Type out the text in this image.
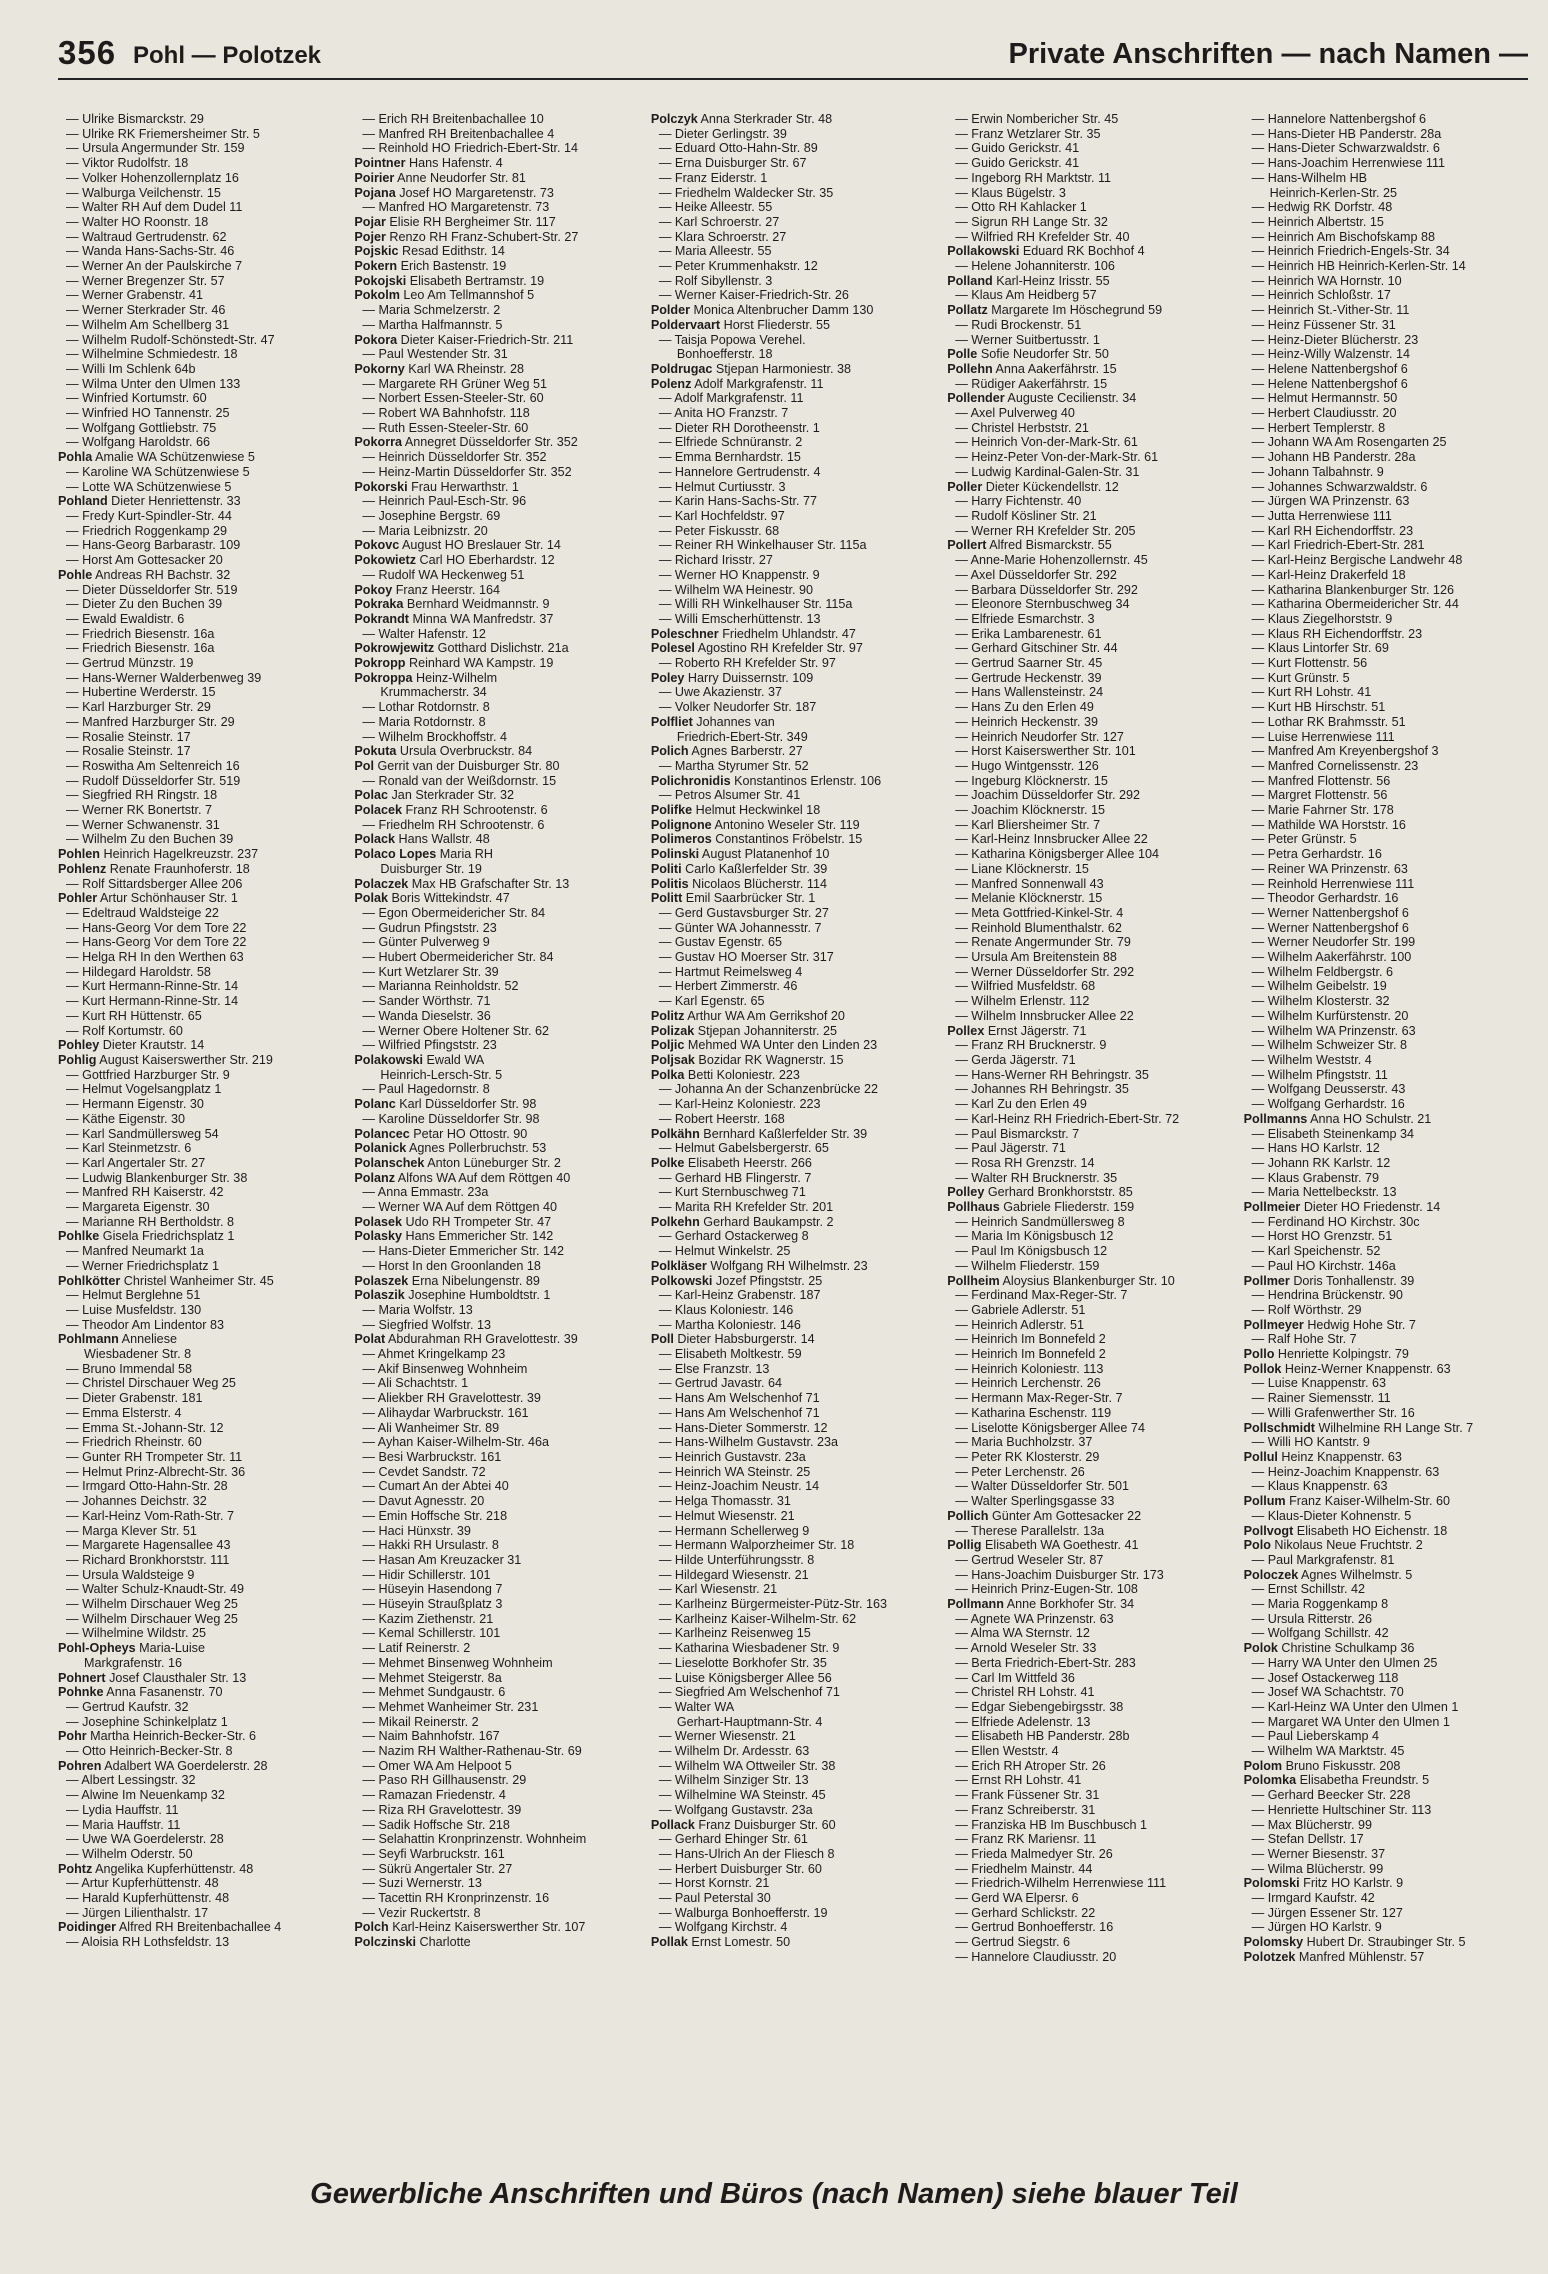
356 Pohl — Polotzek	Private Anschriften — nach Namen —
— Ulrike Bismarckstr. 29
— Ulrike RK Friemersheimer Str. 5
— Ursula Angermunder Str. 159
— Viktor Rudolfstr. 18
— Volker Hohenzollernplatz 16
— Walburga Veilchenstr. 15
— Walter RH Auf dem Dudel 11
— Walter HO Roonstr. 18
— Waltraud Gertrudenstr. 62
— Wanda Hans-Sachs-Str. 46
— Werner An der Paulskirche 7
— Werner Bregenzer Str. 57
— Werner Grabenstr. 41
— Werner Sterkrader Str. 46
— Wilhelm Am Schellberg 31
— Wilhelm Rudolf-Schönstedt-Str. 47
— Wilhelmine Schmiedestr. 18
— Willi Im Schlenk 64b
— Wilma Unter den Ulmen 133
— Winfried Kortumstr. 60
— Winfried HO Tannenstr. 25
— Wolfgang Gottliebstr. 75
— Wolfgang Haroldstr. 66
Pohla Amalie WA Schützenwiese 5
— Karoline WA Schützenwiese 5
— Lotte WA Schützenwiese 5
Pohland Dieter Henriettenstr. 33
— Fredy Kurt-Spindler-Str. 44
— Friedrich Roggenkamp 29
— Hans-Georg Barbarastr. 109
— Horst Am Gottesacker 20
Pohle Andreas RH Bachstr. 32
— Dieter Düsseldorfer Str. 519
— Dieter Zu den Buchen 39
— Ewald Ewaldistr. 6
— Friedrich Biesenstr. 16a
— Friedrich Biesenstr. 16a
— Gertrud Münzstr. 19
— Hans-Werner Walderbenweg 39
— Hubertine Werderstr. 15
— Karl Harzburger Str. 29
— Manfred Harzburger Str. 29
— Rosalie Steinstr. 17
— Rosalie Steinstr. 17
— Roswitha Am Seltenreich 16
— Rudolf Düsseldorfer Str. 519
— Siegfried RH Ringstr. 18
— Werner RK Bonertstr. 7
— Werner Schwanenstr. 31
— Wilhelm Zu den Buchen 39
Pohlen Heinrich Hagelkreuzstr. 237
Pohlenz Renate Fraunhoferstr. 18
— Rolf Sittardsberger Allee 206
Pohler Artur Schönhauser Str. 1
— Edeltraud Waldsteige 22
— Hans-Georg Vor dem Tore 22
— Hans-Georg Vor dem Tore 22
— Helga RH In den Werthen 63
— Hildegard Haroldstr. 58
— Kurt Hermann-Rinne-Str. 14
— Kurt Hermann-Rinne-Str. 14
— Kurt RH Hüttenstr. 65
— Rolf Kortumstr. 60
Pohley Dieter Krautstr. 14
Pohlig August Kaiserswerther Str. 219
— Gottfried Harzburger Str. 9
— Helmut Vogelsangplatz 1
— Hermann Eigenstr. 30
— Käthe Eigenstr. 30
— Karl Sandmüllersweg 54
— Karl Steinmetzstr. 6
— Karl Angertaler Str. 27
— Ludwig Blankenburger Str. 38
— Manfred RH Kaiserstr. 42
— Margareta Eigenstr. 30
— Marianne RH Bertholdstr. 8
Pohlke Gisela Friedrichsplatz 1
— Manfred Neumarkt 1a
— Werner Friedrichsplatz 1
Pohlkötter Christel Wanheimer Str. 45
— Helmut Berglehne 51
— Luise Musfeldstr. 130
— Theodor Am Lindentor 83
Pohlmann Anneliese
Wiesbadener Str. 8
— Bruno Immendal 58
— Christel Dirschauer Weg 25
— Dieter Grabenstr. 181
— Emma Elsterstr. 4
— Emma St.-Johann-Str. 12
— Friedrich Rheinstr. 60
— Gunter RH Trompeter Str. 11
— Helmut Prinz-Albrecht-Str. 36
— Irmgard Otto-Hahn-Str. 28
— Johannes Deichstr. 32
— Karl-Heinz Vom-Rath-Str. 7
— Marga Klever Str. 51
— Margarete Hagensallee 43
— Richard Bronkhorststr. 111
— Ursula Waldsteige 9
— Walter Schulz-Knaudt-Str. 49
— Wilhelm Dirschauer Weg 25
— Wilhelm Dirschauer Weg 25
— Wilhelmine Wildstr. 25
Pohl-Opheys Maria-Luise
Markgrafenstr. 16
Pohnert Josef Clausthaler Str. 13
Pohnke Anna Fasanenstr. 70
— Gertrud Kaufstr. 32
— Josephine Schinkelplatz 1
Pohr Martha Heinrich-Becker-Str. 6
— Otto Heinrich-Becker-Str. 8
Pohren Adalbert WA Goerdelerstr. 28
— Albert Lessingstr. 32
— Alwine Im Neuenkamp 32
— Lydia Hauffstr. 11
— Maria Hauffstr. 11
— Uwe WA Goerdelerstr. 28
— Wilhelm Oderstr. 50
Pohtz Angelika Kupferhüttenstr. 48
— Artur Kupferhüttenstr. 48
— Harald Kupferhüttenstr. 48
— Jürgen Lilienthalstr. 17
Poidinger Alfred RH Breitenbachallee 4
— Aloisia RH Lothsfeldstr. 13
— Erich RH Breitenbachallee 10
— Manfred RH Breitenbachallee 4
— Reinhold HO Friedrich-Ebert-Str. 14
Pointner Hans Hafenstr. 4
Poirier Anne Neudorfer Str. 81
Pojana Josef HO Margaretenstr. 73
— Manfred HO Margaretenstr. 73
Pojar Elisie RH Bergheimer Str. 117
Pojer Renzo RH Franz-Schubert-Str. 27
Pojskic Resad Edithstr. 14
Pokern Erich Bastenstr. 19
Pokojski Elisabeth Bertramstr. 19
Pokolm Leo Am Tellmannshof 5
— Maria Schmelzerstr. 2
— Martha Halfmannstr. 5
Pokora Dieter Kaiser-Friedrich-Str. 211
— Paul Westender Str. 31
Pokorny Karl WA Rheinstr. 28
— Margarete RH Grüner Weg 51
— Norbert Essen-Steeler-Str. 60
— Robert WA Bahnhofstr. 118
— Ruth Essen-Steeler-Str. 60
Pokorra Annegret Düsseldorfer Str. 352
— Heinrich Düsseldorfer Str. 352
— Heinz-Martin Düsseldorfer Str. 352
Pokorski Frau Herwarthstr. 1
— Heinrich Paul-Esch-Str. 96
— Josephine Bergstr. 69
— Maria Leibnizstr. 20
Pokovc August HO Breslauer Str. 14
Pokowietz Carl HO Eberhardstr. 12
— Rudolf WA Heckenweg 51
Pokoy Franz Heerstr. 164
Pokraka Bernhard Weidmannstr. 9
Pokrandt Minna WA Manfredstr. 37
— Walter Hafenstr. 12
Pokrowjewitz Gotthard Dislichstr. 21a
Pokropp Reinhard WA Kampstr. 19
Pokroppa Heinz-Wilhelm
Krummacherstr. 34
— Lothar Rotdornstr. 8
— Maria Rotdornstr. 8
— Wilhelm Brockhoffstr. 4
Pokuta Ursula Overbruckstr. 84
Pol Gerrit van der Duisburger Str. 80
— Ronald van der Weißdornstr. 15
Polac Jan Sterkrader Str. 32
Polacek Franz RH Schrootenstr. 6
— Friedhelm RH Schrootenstr. 6
Polack Hans Wallstr. 48
Polaco Lopes Maria RH
Duisburger Str. 19
Polaczek Max HB Grafschafter Str. 13
Polak Boris Wittekindstr. 47
— Egon Obermeidericher Str. 84
— Gudrun Pfingststr. 23
— Günter Pulverweg 9
— Hubert Obermeidericher Str. 84
— Kurt Wetzlarer Str. 39
— Marianna Reinholdstr. 52
— Sander Wörthstr. 71
— Wanda Dieselstr. 36
— Werner Obere Holtener Str. 62
— Wilfried Pfingststr. 23
Polakowski Ewald WA
Heinrich-Lersch-Str. 5
— Paul Hagedornstr. 8
Polanc Karl Düsseldorfer Str. 98
— Karoline Düsseldorfer Str. 98
Polancec Petar HO Ottostr. 90
Polanick Agnes Pollerbruchstr. 53
Polanschek Anton Lüneburger Str. 2
Polanz Alfons WA Auf dem Röttgen 40
— Anna Emmastr. 23a
— Werner WA Auf dem Röttgen 40
Polasek Udo RH Trompeter Str. 47
Polasky Hans Emmericher Str. 142
— Hans-Dieter Emmericher Str. 142
— Horst In den Groonlanden 18
Polaszek Erna Nibelungenstr. 89
Polaszik Josephine Humboldtstr. 1
— Maria Wolfstr. 13
— Siegfried Wolfstr. 13
Polat Abdurahman RH Gravelottestr. 39
— Ahmet Kringelkamp 23
— Akif Binsenweg Wohnheim
— Ali Schachtstr. 1
— Aliekber RH Gravelottestr. 39
— Alihaydar Warbruckstr. 161
— Ali Wanheimer Str. 89
— Ayhan Kaiser-Wilhelm-Str. 46a
— Besi Warbruckstr. 161
— Cevdet Sandstr. 72
— Cumart An der Abtei 40
— Davut Agnesstr. 20
— Emin Hoffsche Str. 218
— Haci Hünxstr. 39
— Hakki RH Ursulastr. 8
— Hasan Am Kreuzacker 31
— Hidir Schillerstr. 101
— Hüseyin Hasendong 7
— Hüseyin Straußplatz 3
— Kazim Ziethenstr. 21
— Kemal Schillerstr. 101
— Latif Reinerstr. 2
— Mehmet Binsenweg Wohnheim
— Mehmet Steigerstr. 8a
— Mehmet Sundgaustr. 6
— Mehmet Wanheimer Str. 231
— Mikail Reinerstr. 2
— Naim Bahnhofstr. 167
— Nazim RH Walther-Rathenau-Str. 69
— Omer WA Am Helpoot 5
— Paso RH Gillhausenstr. 29
— Ramazan Friedenstr. 4
— Riza RH Gravelottestr. 39
— Sadik Hoffsche Str. 218
— Selahattin Kronprinzenstr. Wohnheim
— Seyfi Warbruckstr. 161
— Sükrü Angertaler Str. 27
— Suzi Wernerstr. 13
— Tacettin RH Kronprinzenstr. 16
— Vezir Ruckertstr. 8
Polch Karl-Heinz Kaiserswerther Str. 107
Polczinski Charlotte
Polczyk Anna Sterkrader Str. 48
— Dieter Gerlingstr. 39
— Eduard Otto-Hahn-Str. 89
— Erna Duisburger Str. 67
— Franz Eiderstr. 1
— Friedhelm Waldecker Str. 35
— Heike Alleestr. 55
— Karl Schroerstr. 27
— Klara Schroerstr. 27
— Maria Alleestr. 55
— Peter Krummenhakstr. 12
— Rolf Sibyllenstr. 3
— Werner Kaiser-Friedrich-Str. 26
Polder Monica Altenbrucher Damm 130
Poldervaart Horst Fliederstr. 55
— Taisja Popowa Verehel.
Bonhoefferstr. 18
Poldrugac Stjepan Harmoniestr. 38
Polenz Adolf Markgrafenstr. 11
— Adolf Markgrafenstr. 11
— Anita HO Franzstr. 7
— Dieter RH Dorotheenstr. 1
— Elfriede Schnüranstr. 2
— Emma Bernhardstr. 15
— Hannelore Gertrudenstr. 4
— Helmut Curtiusstr. 3
— Karin Hans-Sachs-Str. 77
— Karl Hochfeldstr. 97
— Peter Fiskusstr. 68
— Reiner RH Winkelhauser Str. 115a
— Richard Irisstr. 27
— Werner HO Knappenstr. 9
— Wilhelm WA Heinestr. 90
— Willi RH Winkelhauser Str. 115a
— Willi Emscherhüttenstr. 13
Poleschner Friedhelm Uhlandstr. 47
Polesel Agostino RH Krefelder Str. 97
— Roberto RH Krefelder Str. 97
Poley Harry Duissernstr. 109
— Uwe Akazienstr. 37
— Volker Neudorfer Str. 187
Polfliet Johannes van
Friedrich-Ebert-Str. 349
Polich Agnes Barberstr. 27
— Martha Styrumer Str. 52
Polichronidis Konstantinos Erlenstr. 106
— Petros Alsumer Str. 41
Polifke Helmut Heckwinkel 18
Polignone Antonino Weseler Str. 119
Polimeros Constantinos Fröbelstr. 15
Polinski August Platanenhof 10
Politi Carlo Kaßlerfelder Str. 39
Politis Nicolaos Blücherstr. 114
Politt Emil Saarbrücker Str. 1
— Gerd Gustavsburger Str. 27
— Günter WA Johannesstr. 7
— Gustav Egenstr. 65
— Gustav HO Moerser Str. 317
— Hartmut Reimelsweg 4
— Herbert Zimmerstr. 46
— Karl Egenstr. 65
Politz Arthur WA Am Gerrikshof 20
Polizak Stjepan Johanniterstr. 25
Poljic Mehmed WA Unter den Linden 23
Poljsak Bozidar RK Wagnerstr. 15
Polka Betti Koloniestr. 223
— Johanna An der Schanzenbrücke 22
— Karl-Heinz Koloniestr. 223
— Robert Heerstr. 168
Polkähn Bernhard Kaßlerfelder Str. 39
— Helmut Gabelsbergerstr. 65
Polke Elisabeth Heerstr. 266
— Gerhard HB Flingerstr. 7
— Kurt Sternbuschweg 71
— Marita RH Krefelder Str. 201
Polkehn Gerhard Baukampstr. 2
— Gerhard Ostackerweg 8
— Helmut Winkelstr. 25
Polkläser Wolfgang RH Wilhelmstr. 23
Polkowski Jozef Pfingststr. 25
— Karl-Heinz Grabenstr. 187
— Klaus Koloniestr. 146
— Martha Koloniestr. 146
Poll Dieter Habsburgerstr. 14
— Elisabeth Moltkestr. 59
— Else Franzstr. 13
— Gertrud Javastr. 64
— Hans Am Welschenhof 71
— Hans Am Welschenhof 71
— Hans-Dieter Sommerstr. 12
— Hans-Wilhelm Gustavstr. 23a
— Heinrich Gustavstr. 23a
— Heinrich WA Steinstr. 25
— Heinz-Joachim Neustr. 14
— Helga Thomasstr. 31
— Helmut Wiesenstr. 21
— Hermann Schellerweg 9
— Hermann Walporzheimer Str. 18
— Hilde Unterführungsstr. 8
— Hildegard Wiesenstr. 21
— Karl Wiesenstr. 21
— Karlheinz Bürgermeister-Pütz-Str. 163
— Karlheinz Kaiser-Wilhelm-Str. 62
— Karlheinz Reisenweg 15
— Katharina Wiesbadener Str. 9
— Lieselotte Borkhofer Str. 35
— Luise Königsberger Allee 56
— Siegfried Am Welschenhof 71
— Walter WA
Gerhart-Hauptmann-Str. 4
— Werner Wiesenstr. 21
— Wilhelm Dr. Ardesstr. 63
— Wilhelm WA Ottweiler Str. 38
— Wilhelm Sinziger Str. 13
— Wilhelmine WA Steinstr. 45
— Wolfgang Gustavstr. 23a
Pollack Franz Duisburger Str. 60
— Gerhard Ehinger Str. 61
— Hans-Ulrich An der Fliesch 8
— Herbert Duisburger Str. 60
— Horst Kornstr. 21
— Paul Peterstal 30
— Walburga Bonhoefferstr. 19
— Wolfgang Kirchstr. 4
Pollak Ernst Lomestr. 50
— Erwin Nombericher Str. 45
— Franz Wetzlarer Str. 35
— Guido Gerickstr. 41
— Guido Gerickstr. 41
— Ingeborg RH Marktstr. 11
— Klaus Bügelstr. 3
— Otto RH Kahlacker 1
— Sigrun RH Lange Str. 32
— Wilfried RH Krefelder Str. 40
Pollakowski Eduard RK Bochhof 4
— Helene Johanniterstr. 106
Polland Karl-Heinz Irisstr. 55
— Klaus Am Heidberg 57
Pollatz Margarete Im Höschegrund 59
— Rudi Brockenstr. 51
— Werner Suitbertusstr. 1
Polle Sofie Neudorfer Str. 50
Pollehn Anna Aakerfährstr. 15
— Rüdiger Aakerfährstr. 15
Pollender Auguste Cecilienstr. 34
— Axel Pulverweg 40
— Christel Herbststr. 21
— Heinrich Von-der-Mark-Str. 61
— Heinz-Peter Von-der-Mark-Str. 61
— Ludwig Kardinal-Galen-Str. 31
Poller Dieter Kückendellstr. 12
— Harry Fichtenstr. 40
— Rudolf Kösliner Str. 21
— Werner RH Krefelder Str. 205
Pollert Alfred Bismarckstr. 55
— Anne-Marie Hohenzollernstr. 45
— Axel Düsseldorfer Str. 292
— Barbara Düsseldorfer Str. 292
— Eleonore Sternbuschweg 34
— Elfriede Esmarchstr. 3
— Erika Lambarenestr. 61
— Gerhard Gitschiner Str. 44
— Gertrud Saarner Str. 45
— Gertrude Heckenstr. 39
— Hans Wallensteinstr. 24
— Hans Zu den Erlen 49
— Heinrich Heckenstr. 39
— Heinrich Neudorfer Str. 127
— Horst Kaiserswerther Str. 101
— Hugo Wintgensstr. 126
— Ingeburg Klöcknerstr. 15
— Joachim Düsseldorfer Str. 292
— Joachim Klöcknerstr. 15
— Karl Bliersheimer Str. 7
— Karl-Heinz Innsbrucker Allee 22
— Katharina Königsberger Allee 104
— Liane Klöcknerstr. 15
— Manfred Sonnenwall 43
— Melanie Klöcknerstr. 15
— Meta Gottfried-Kinkel-Str. 4
— Reinhold Blumenthalstr. 62
— Renate Angermunder Str. 79
— Ursula Am Breitenstein 88
— Werner Düsseldorfer Str. 292
— Wilfried Musfeldstr. 68
— Wilhelm Erlenstr. 112
— Wilhelm Innsbrucker Allee 22
Pollex Ernst Jägerstr. 71
— Franz RH Brucknerstr. 9
— Gerda Jägerstr. 71
— Hans-Werner RH Behringstr. 35
— Johannes RH Behringstr. 35
— Karl Zu den Erlen 49
— Karl-Heinz RH Friedrich-Ebert-Str. 72
— Paul Bismarckstr. 7
— Paul Jägerstr. 71
— Rosa RH Grenzstr. 14
— Walter RH Brucknerstr. 35
Polley Gerhard Bronkhorststr. 85
Pollhaus Gabriele Fliederstr. 159
— Heinrich Sandmüllersweg 8
— Maria Im Königsbusch 12
— Paul Im Königsbusch 12
— Wilhelm Fliederstr. 159
Pollheim Aloysius Blankenburger Str. 10
— Ferdinand Max-Reger-Str. 7
— Gabriele Adlerstr. 51
— Heinrich Adlerstr. 51
— Heinrich Im Bonnefeld 2
— Heinrich Im Bonnefeld 2
— Heinrich Koloniestr. 113
— Heinrich Lerchenstr. 26
— Hermann Max-Reger-Str. 7
— Katharina Eschenstr. 119
— Liselotte Königsberger Allee 74
— Maria Buchholzstr. 37
— Peter RK Klosterstr. 29
— Peter Lerchenstr. 26
— Walter Düsseldorfer Str. 501
— Walter Sperlingsgasse 33
Pollich Günter Am Gottesacker 22
— Therese Parallelstr. 13a
Pollig Elisabeth WA Goethestr. 41
— Gertrud Weseler Str. 87
— Hans-Joachim Duisburger Str. 173
— Heinrich Prinz-Eugen-Str. 108
Pollmann Anne Borkhofer Str. 34
— Agnete WA Prinzenstr. 63
— Alma WA Sternstr. 12
— Arnold Weseler Str. 33
— Berta Friedrich-Ebert-Str. 283
— Carl Im Wittfeld 36
— Christel RH Lohstr. 41
— Edgar Siebengebirgsstr. 38
— Elfriede Adelenstr. 13
— Elisabeth HB Panderstr. 28b
— Ellen Weststr. 4
— Erich RH Atroper Str. 26
— Ernst RH Lohstr. 41
— Frank Füssener Str. 31
— Franz Schreiberstr. 31
— Franziska HB Im Buschbusch 1
— Franz RK Mariensr. 11
— Frieda Malmedyer Str. 26
— Friedhelm Mainstr. 44
— Friedrich-Wilhelm Herrenwiese 111
— Gerd WA Elpersr. 6
— Gerhard Schlickstr. 22
— Gertrud Bonhoefferstr. 16
— Gertrud Siegstr. 6
— Hannelore Claudiusstr. 20
— Hannelore Nattenbergshof 6
— Hans-Dieter HB Panderstr. 28a
— Hans-Dieter Schwarzwaldstr. 6
— Hans-Joachim Herrenwiese 111
— Hans-Wilhelm HB
Heinrich-Kerlen-Str. 25
— Hedwig RK Dorfstr. 48
— Heinrich Albertstr. 15
— Heinrich Am Bischofskamp 88
— Heinrich Friedrich-Engels-Str. 34
— Heinrich HB Heinrich-Kerlen-Str. 14
— Heinrich WA Hornstr. 10
— Heinrich Schloßstr. 17
— Heinrich St.-Vither-Str. 11
— Heinz Füssener Str. 31
— Heinz-Dieter Blücherstr. 23
— Heinz-Willy Walzenstr. 14
— Helene Nattenbergshof 6
— Helene Nattenbergshof 6
— Helmut Hermannstr. 50
— Herbert Claudiusstr. 20
— Herbert Templerstr. 8
— Johann WA Am Rosengarten 25
— Johann HB Panderstr. 28a
— Johann Talbahnstr. 9
— Johannes Schwarzwaldstr. 6
— Jürgen WA Prinzenstr. 63
— Jutta Herrenwiese 111
— Karl RH Eichendorffstr. 23
— Karl Friedrich-Ebert-Str. 281
— Karl-Heinz Bergische Landwehr 48
— Karl-Heinz Drakerfeld 18
— Katharina Blankenburger Str. 126
— Katharina Obermeidericher Str. 44
— Klaus Ziegelhorststr. 9
— Klaus RH Eichendorffstr. 23
— Klaus Lintorfer Str. 69
— Kurt Flottenstr. 56
— Kurt Grünstr. 5
— Kurt RH Lohstr. 41
— Kurt HB Hirschstr. 51
— Lothar RK Brahmsstr. 51
— Luise Herrenwiese 111
— Manfred Am Kreyenbergshof 3
— Manfred Cornelissenstr. 23
— Manfred Flottenstr. 56
— Margret Flottenstr. 56
— Marie Fahrner Str. 178
— Mathilde WA Horststr. 16
— Peter Grünstr. 5
— Petra Gerhardstr. 16
— Reiner WA Prinzenstr. 63
— Reinhold Herrenwiese 111
— Theodor Gerhardstr. 16
— Werner Nattenbergshof 6
— Werner Nattenbergshof 6
— Werner Neudorfer Str. 199
— Wilhelm Aakerfährstr. 100
— Wilhelm Feldbergstr. 6
— Wilhelm Geibelstr. 19
— Wilhelm Klosterstr. 32
— Wilhelm Kurfürstenstr. 20
— Wilhelm WA Prinzenstr. 63
— Wilhelm Schweizer Str. 8
— Wilhelm Weststr. 4
— Wilhelm Pfingststr. 11
— Wolfgang Deusserstr. 43
— Wolfgang Gerhardstr. 16
Pollmanns Anna HO Schulstr. 21
— Elisabeth Steinenkamp 34
— Hans HO Karlstr. 12
— Johann RK Karlstr. 12
— Klaus Grabenstr. 79
— Maria Nettelbeckstr. 13
Pollmeier Dieter HO Friedenstr. 14
— Ferdinand HO Kirchstr. 30c
— Horst HO Grenzstr. 51
— Karl Speichenstr. 52
— Paul HO Kirchstr. 146a
Pollmer Doris Tonhallenstr. 39
— Hendrina Brückenstr. 90
— Rolf Wörthstr. 29
Pollmeyer Hedwig Hohe Str. 7
— Ralf Hohe Str. 7
Pollo Henriette Kolpingstr. 79
Pollok Heinz-Werner Knappenstr. 63
— Luise Knappenstr. 63
— Rainer Siemensstr. 11
— Willi Grafenwerther Str. 16
Pollschmidt Wilhelmine RH Lange Str. 7
— Willi HO Kantstr. 9
Pollul Heinz Knappenstr. 63
— Heinz-Joachim Knappenstr. 63
— Klaus Knappenstr. 63
Pollum Franz Kaiser-Wilhelm-Str. 60
— Klaus-Dieter Kohnenstr. 5
Pollvogt Elisabeth HO Eichenstr. 18
Polo Nikolaus Neue Fruchtstr. 2
— Paul Markgrafenstr. 81
Poloczek Agnes Wilhelmstr. 5
— Ernst Schillstr. 42
— Maria Roggenkamp 8
— Ursula Ritterstr. 26
— Wolfgang Schillstr. 42
Polok Christine Schulkamp 36
— Harry WA Unter den Ulmen 25
— Josef Ostackerweg 118
— Josef WA Schachtstr. 70
— Karl-Heinz WA Unter den Ulmen 1
— Margaret WA Unter den Ulmen 1
— Paul Lieberskamp 4
— Wilhelm WA Marktstr. 45
Polom Bruno Fiskusstr. 208
Polomka Elisabetha Freundstr. 5
— Gerhard Beecker Str. 228
— Henriette Hultschiner Str. 113
— Max Blücherstr. 99
— Stefan Dellstr. 17
— Werner Biesenstr. 37
— Wilma Blücherstr. 99
Polomski Fritz HO Karlstr. 9
— Irmgard Kaufstr. 42
— Jürgen Essener Str. 127
— Jürgen HO Karlstr. 9
Polomsky Hubert Dr. Straubinger Str. 5
Polotzek Manfred Mühlenstr. 57
Gewerbliche Anschriften und Büros (nach Namen) siehe blauer Teil
